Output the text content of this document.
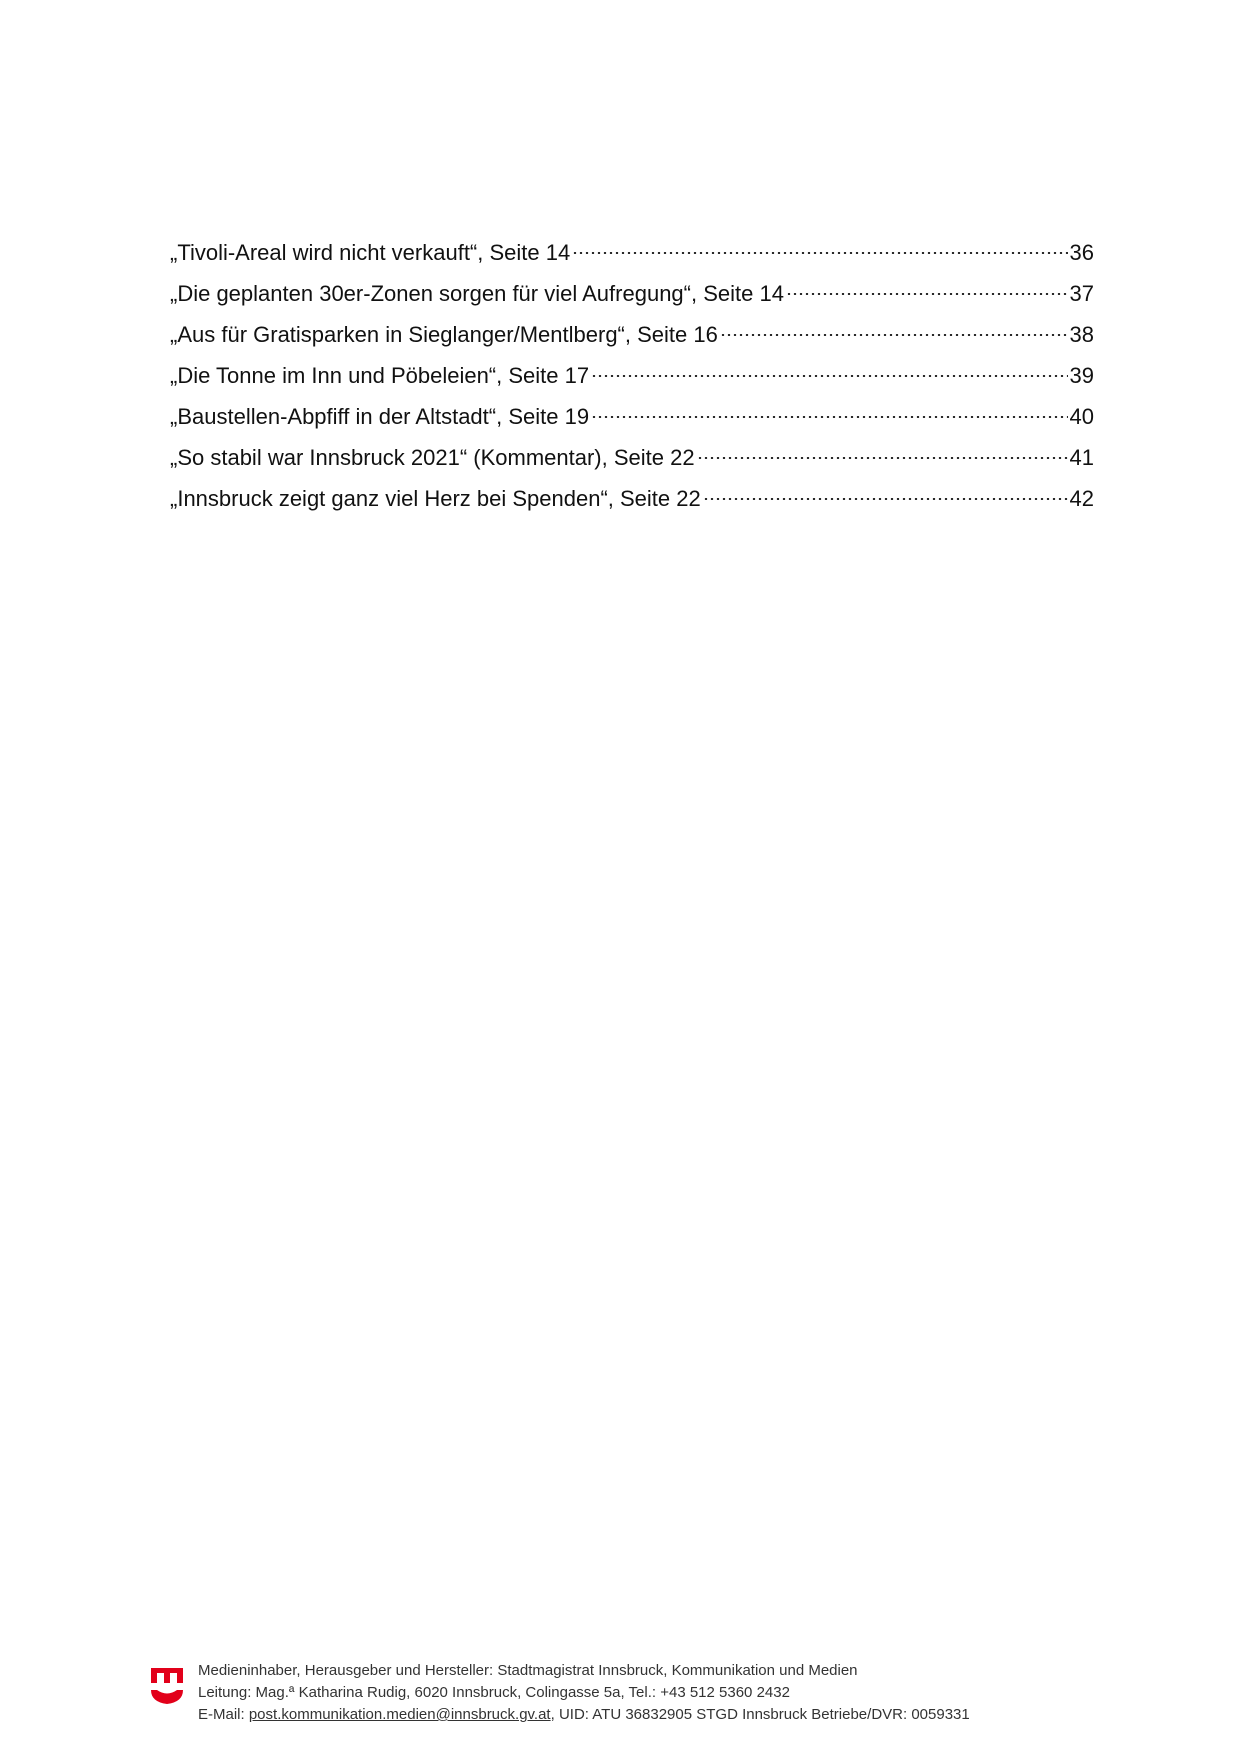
„Tivoli-Areal wird nicht verkauft“, Seite 14	36
„Die geplanten 30er-Zonen sorgen für viel Aufregung“, Seite 14	37
„Aus für Gratisparken in Sieglanger/Mentlberg“, Seite 16	38
„Die Tonne im Inn und Pöbeleien“, Seite 17	39
„Baustellen-Abpfiff in der Altstadt“, Seite 19	40
„So stabil war Innsbruck 2021“ (Kommentar), Seite 22	41
„Innsbruck zeigt ganz viel Herz bei Spenden“, Seite 22	42
Medieninhaber, Herausgeber und Hersteller: Stadtmagistrat Innsbruck, Kommunikation und Medien
Leitung: Mag.ª Katharina Rudig, 6020 Innsbruck, Colingasse 5a, Tel.: +43 512 5360 2432
E-Mail: post.kommunikation.medien@innsbruck.gv.at, UID: ATU 36832905 STGD Innsbruck Betriebe/DVR: 0059331
